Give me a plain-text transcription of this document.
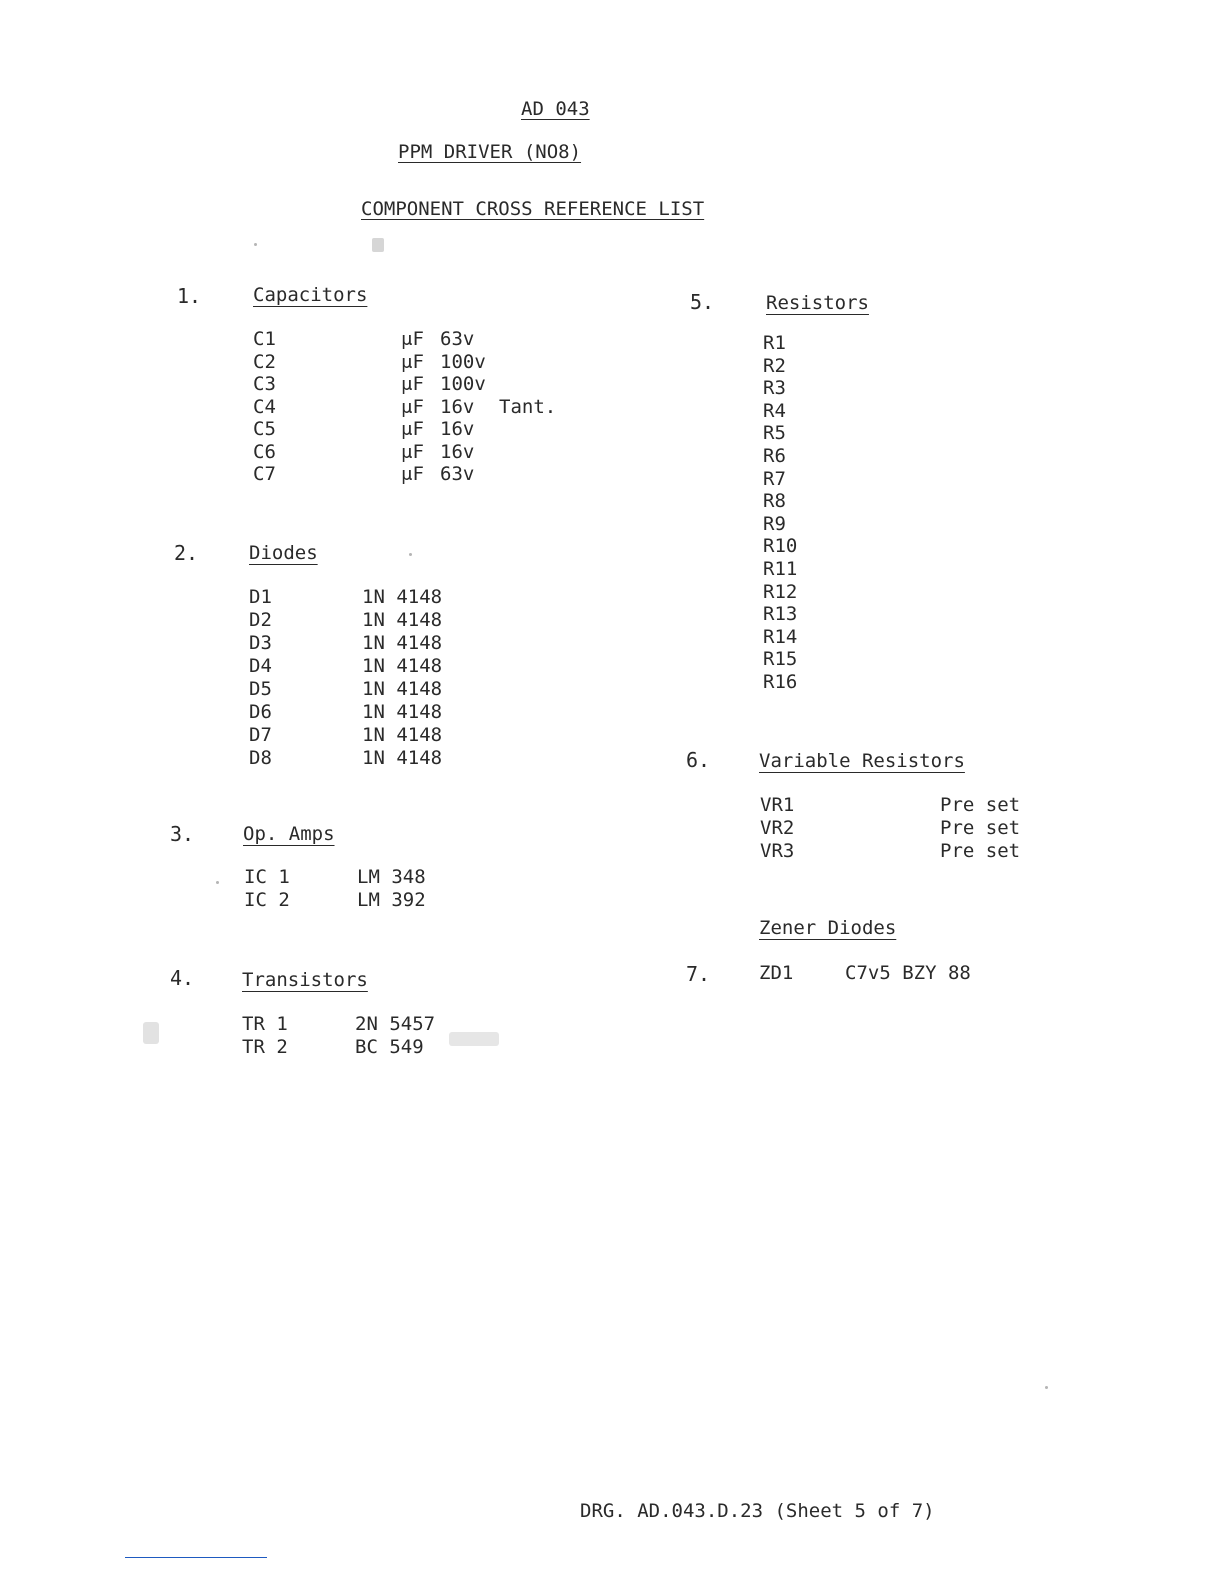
AD 043
PPM DRIVER (NO8)
COMPONENT CROSS REFERENCE LIST
1.	Capacitors
C1	μF 63v
C2	μF 100v
C3	μF 100v
C4	μF 16v Tant.
C5	μF 16v
C6	μF 16v
C7	μF 63v
2.	Diodes
D1	1N 4148
D2	1N 4148
D3	1N 4148
D4	1N 4148
D5	1N 4148
D6	1N 4148
D7	1N 4148
D8	1N 4148
3.	Op. Amps
IC 1	LM 348
IC 2	LM 392
4.	Transistors
TR 1	2N 5457
TR 2	BC 549
5.	Resistors
R1
R2
R3
R4
R5
R6
R7
R8
R9
R10
R11
R12
R13
R14
R15
R16
6.	Variable Resistors
VR1	Pre set
VR2	Pre set
VR3	Pre set
Zener Diodes
7.	ZD1	C7v5 BZY 88
DRG. AD.043.D.23 (Sheet 5 of 7)
